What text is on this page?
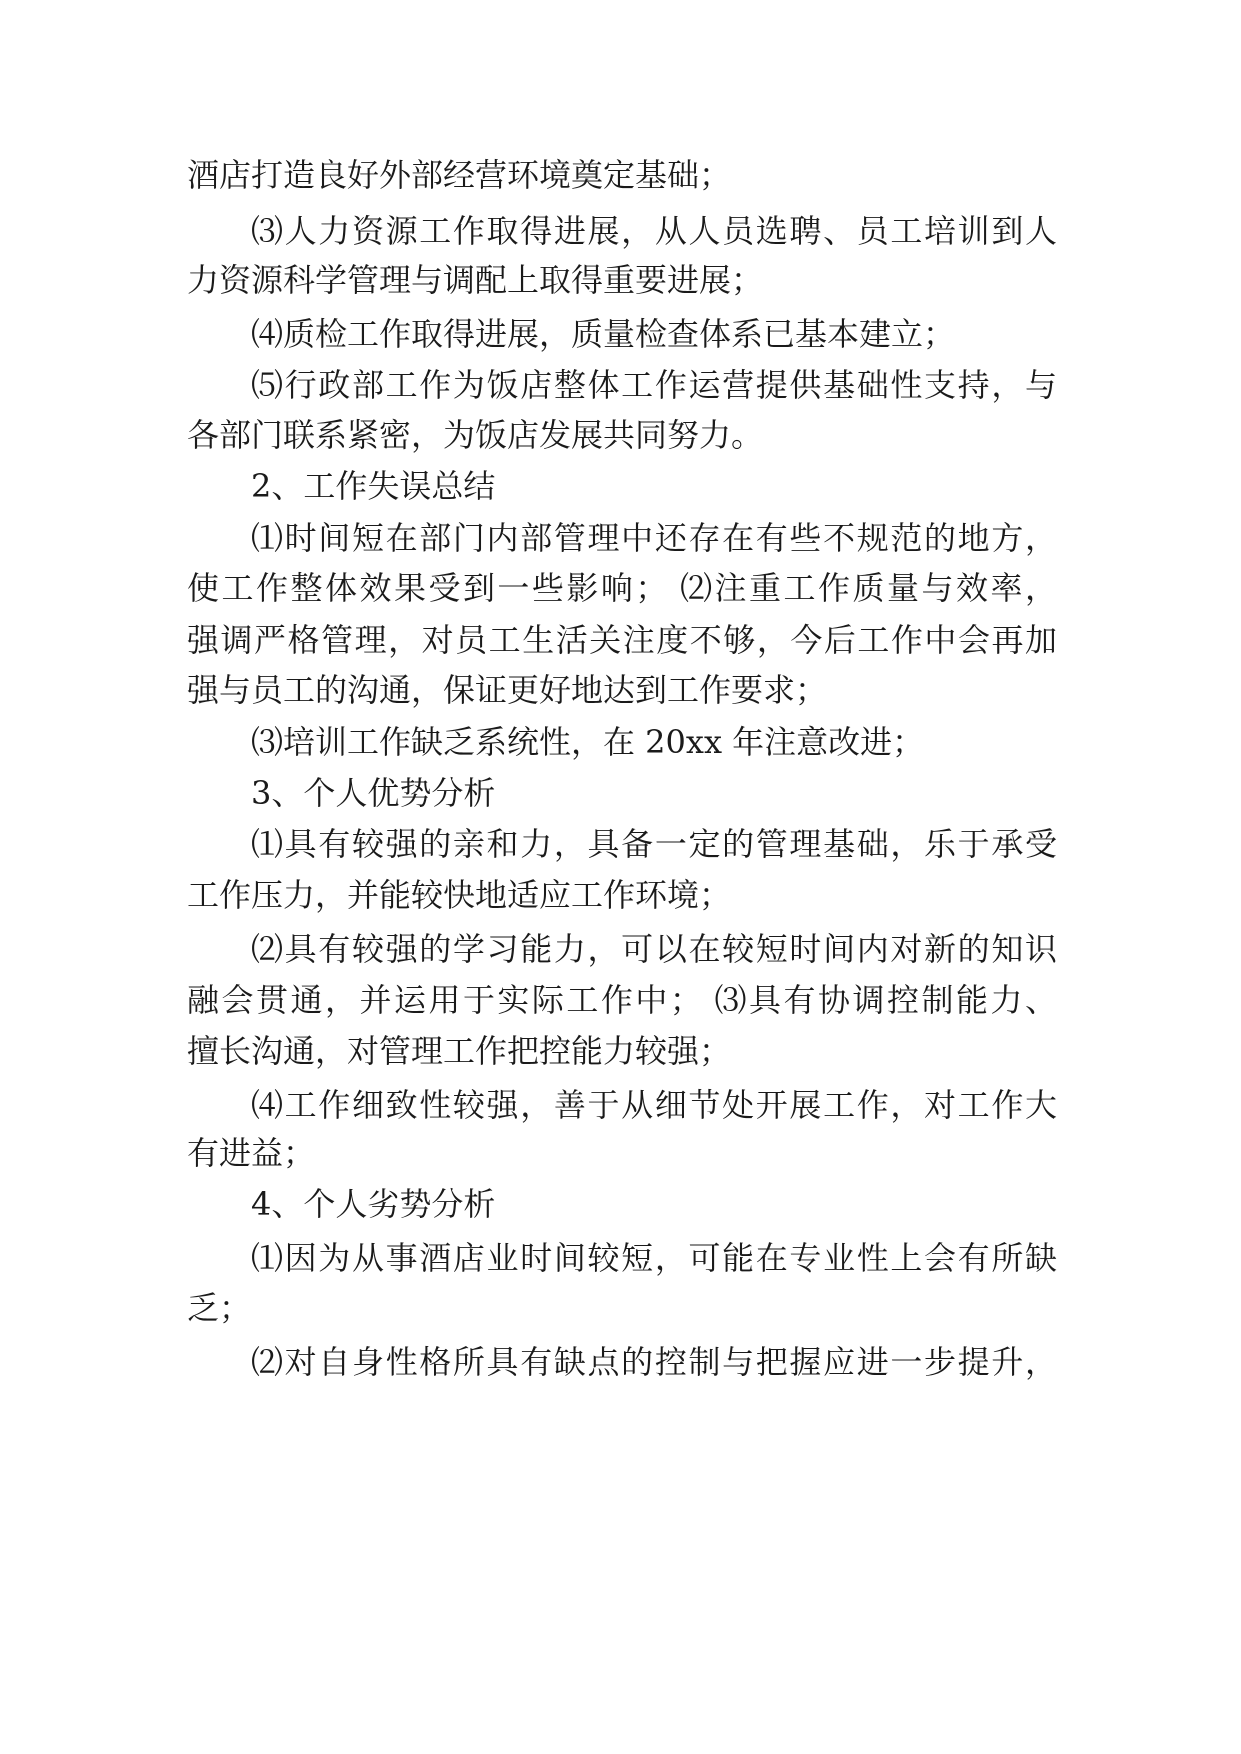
酒店打造良好外部经营环境奠定基础；

⑶人力资源工作取得进展，从人员选聘、员工培训到人

力资源科学管理与调配上取得重要进展；

⑷质检工作取得进展，质量检查体系已基本建立；

⑸行政部工作为饭店整体工作运营提供基础性支持，与

各部门联系紧密，为饭店发展共同努力。

2、工作失误总结

⑴时间短在部门内部管理中还存在有些不规范的地方，

使工作整体效果受到一些影响； ⑵注重工作质量与效率，

强调严格管理，对员工生活关注度不够，今后工作中会再加

强与员工的沟通，保证更好地达到工作要求；

⑶培训工作缺乏系统性，在 20xx 年注意改进；

3、个人优势分析

⑴具有较强的亲和力，具备一定的管理基础，乐于承受

工作压力，并能较快地适应工作环境；

⑵具有较强的学习能力，可以在较短时间内对新的知识

融会贯通，并运用于实际工作中； ⑶具有协调控制能力、

擅长沟通，对管理工作把控能力较强；

⑷工作细致性较强，善于从细节处开展工作，对工作大

有进益；

4、个人劣势分析

⑴因为从事酒店业时间较短，可能在专业性上会有所缺

乏；

⑵对自身性格所具有缺点的控制与把握应进一步提升，
